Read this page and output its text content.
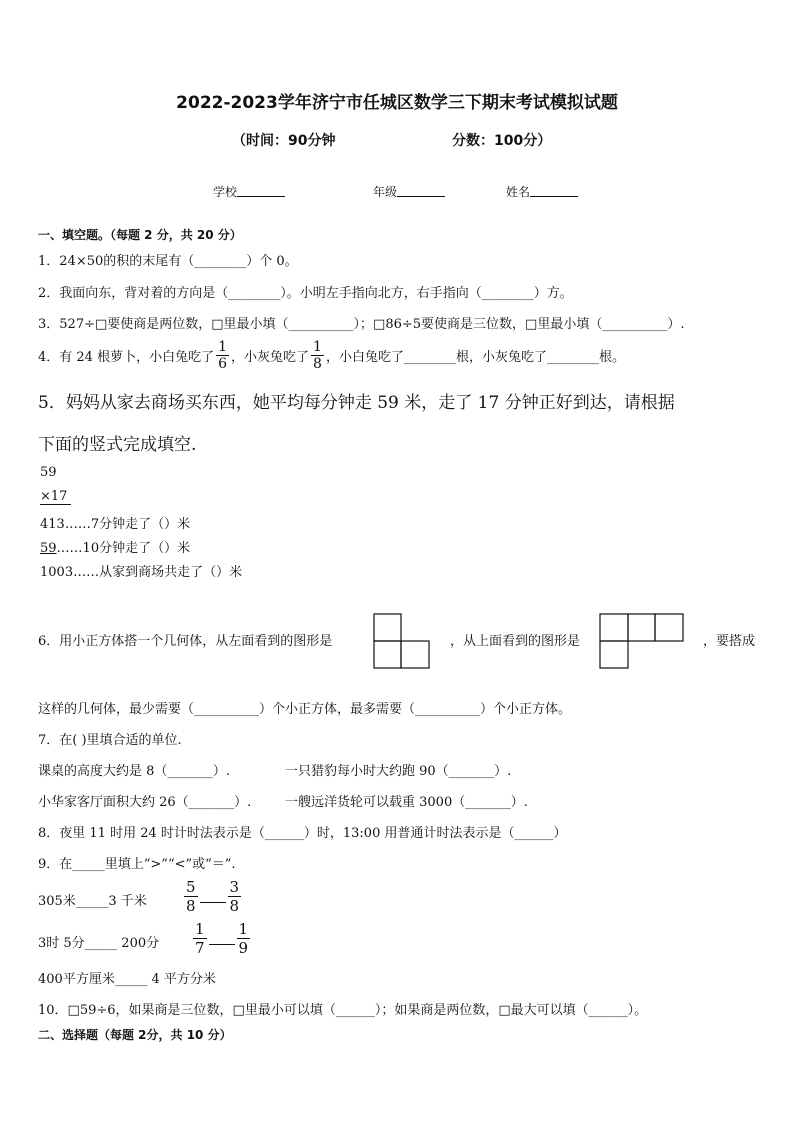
2022-2023学年济宁市任城区数学三下期末考试模拟试题
（时间：90分钟	分数：100分）
学校	年级	姓名
一、填空题。（每题 2 分，共 20 分）
1．24×50的积的末尾有（________）个 0。
2．我面向东，背对着的方向是（________）。小明左手指向北方，右手指向（________）方。
3．527÷□要使商是两位数，□里最小填（__________）；□86÷5要使商是三位数，□里最小填（__________）.
4．有 24 根萝卜，小白兔吃了 $\frac{1}{6}$ ，小灰兔吃了 $\frac{1}{8}$ ，小白兔吃了________根，小灰兔吃了________根。
5．妈妈从家去商场买东西，她平均每分钟走 59 米，走了 17 分钟正好到达，请根据
下面的竖式完成填空.
59
×17
413……7分钟走了（）米
59……10分钟走了（）米
1003……从家到商场共走了（）米
6．用小正方体搭一个几何体，从左面看到的图形是	，从上面看到的图形是	，要搭成
这样的几何体，最少需要（__________）个小正方体，最多需要（__________）个小正方体。
7．在( )里填合适的单位.
课桌的高度大约是 8（_______）.	一只猎豹每小时大约跑 90（_______）.
小华家客厅面积大约 26（_______）.	一艘远洋货轮可以载重 3000（_______）.
8．夜里 11 时用 24 时计时法表示是（______）时，13:00 用普通计时法表示是（______）
9．在_____里填上“>”“<”或“＝”.
305米_____3 千米 $\frac{5}{8} \frac{3}{8}$
3时 5分_____ 200分 $\frac{1}{7} \frac{1}{9}$
400平方厘米_____ 4 平方分米
10．□59÷6，如果商是三位数，□里最小可以填（______）；如果商是两位数，□最大可以填（______）。
二、选择题（每题 2分，共 10 分）
